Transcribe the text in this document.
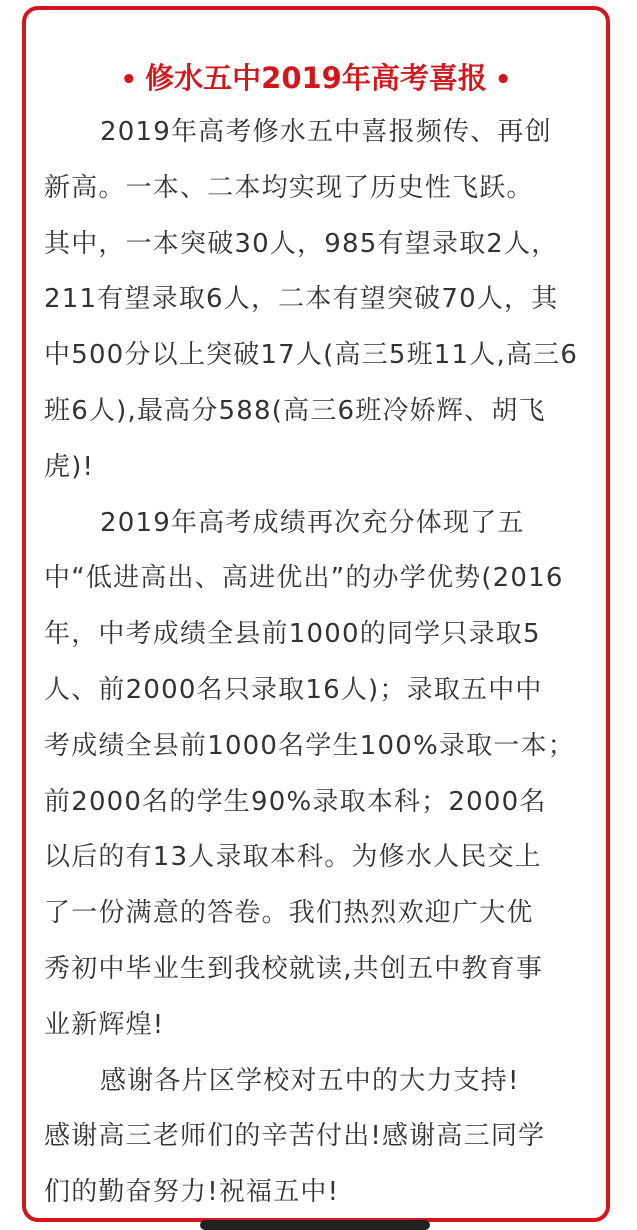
• 修水五中2019年高考喜报 •
2019年高考修水五中喜报频传、再创
新高。一本、二本均实现了历史性飞跃。
其中，一本突破30人，985有望录取2人，
211有望录取6人，二本有望突破70人，其
中500分以上突破17人(高三5班11人,高三6
班6人),最高分588(高三6班冷娇辉、胡飞
虎)!
2019年高考成绩再次充分体现了五
中“低进高出、高进优出”的办学优势(2016
年，中考成绩全县前1000的同学只录取5
人、前2000名只录取16人)；录取五中中
考成绩全县前1000名学生100%录取一本；
前2000名的学生90%录取本科；2000名
以后的有13人录取本科。为修水人民交上
了一份满意的答卷。我们热烈欢迎广大优
秀初中毕业生到我校就读,共创五中教育事
业新辉煌!
感谢各片区学校对五中的大力支持!
感谢高三老师们的辛苦付出!感谢高三同学
们的勤奋努力!祝福五中!
